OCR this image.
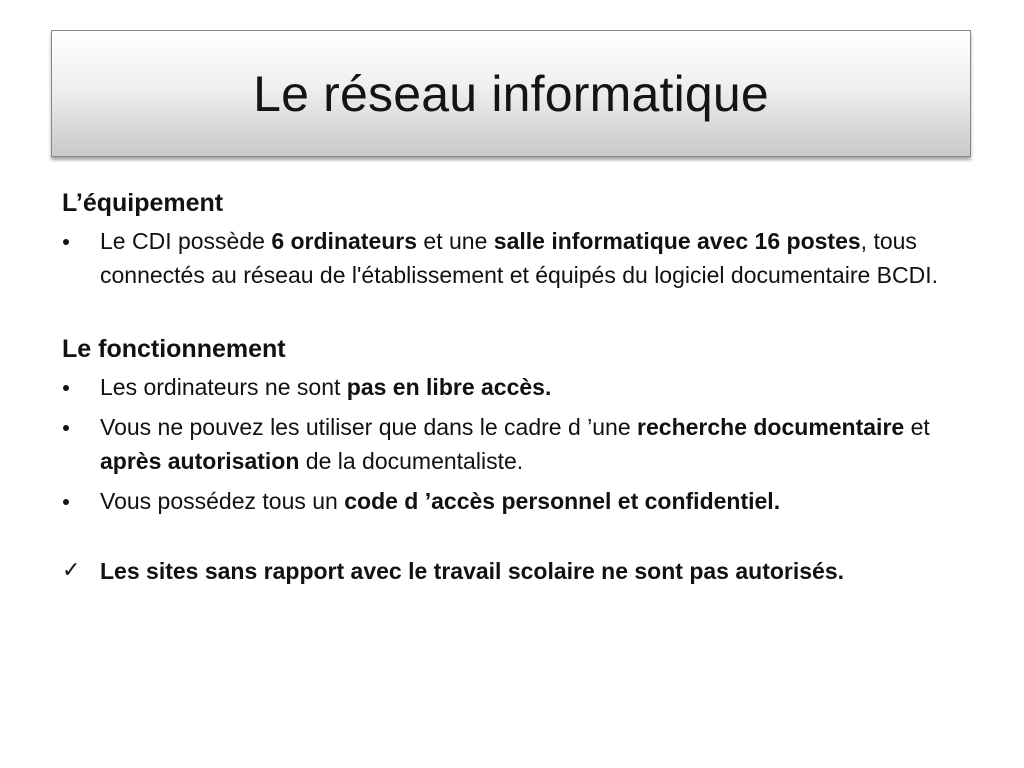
Le réseau informatique
L’équipement
Le CDI possède 6 ordinateurs et une salle informatique avec 16 postes, tous connectés au réseau de l'établissement et équipés du logiciel documentaire BCDI.
Le fonctionnement
Les ordinateurs ne sont pas en libre accès.
Vous ne pouvez les utiliser que dans le cadre d ’une recherche documentaire et après autorisation de la documentaliste.
Vous possédez tous un code d ’accès personnel et confidentiel.
✓ Les sites sans rapport avec le travail scolaire ne sont pas autorisés.
